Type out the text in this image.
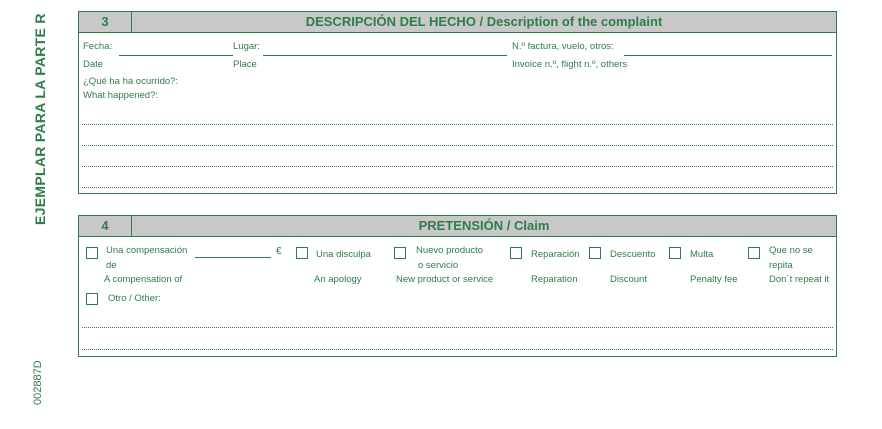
EJEMPLAR PARA LA PARTE R
002887D
3	DESCRIPCIÓN DEL HECHO / Description of the complaint
Fecha:
Date
Lugar:
Place
N.º factura, vuelo, otros:
Invoice n.º, flight n.º, others
¿Qué ha ha ocurrido?:
What happened?:
4	PRETENSIÓN / Claim
Una compensación	€
de
A compensation of
Una disculpa
An apology
Nuevo producto
o servicio
New product or service
Reparación
Reparation
Descuento
Discount
Multa
Penalty fee
Que no se
repita
Don´t repeat it
Otro / Other:
